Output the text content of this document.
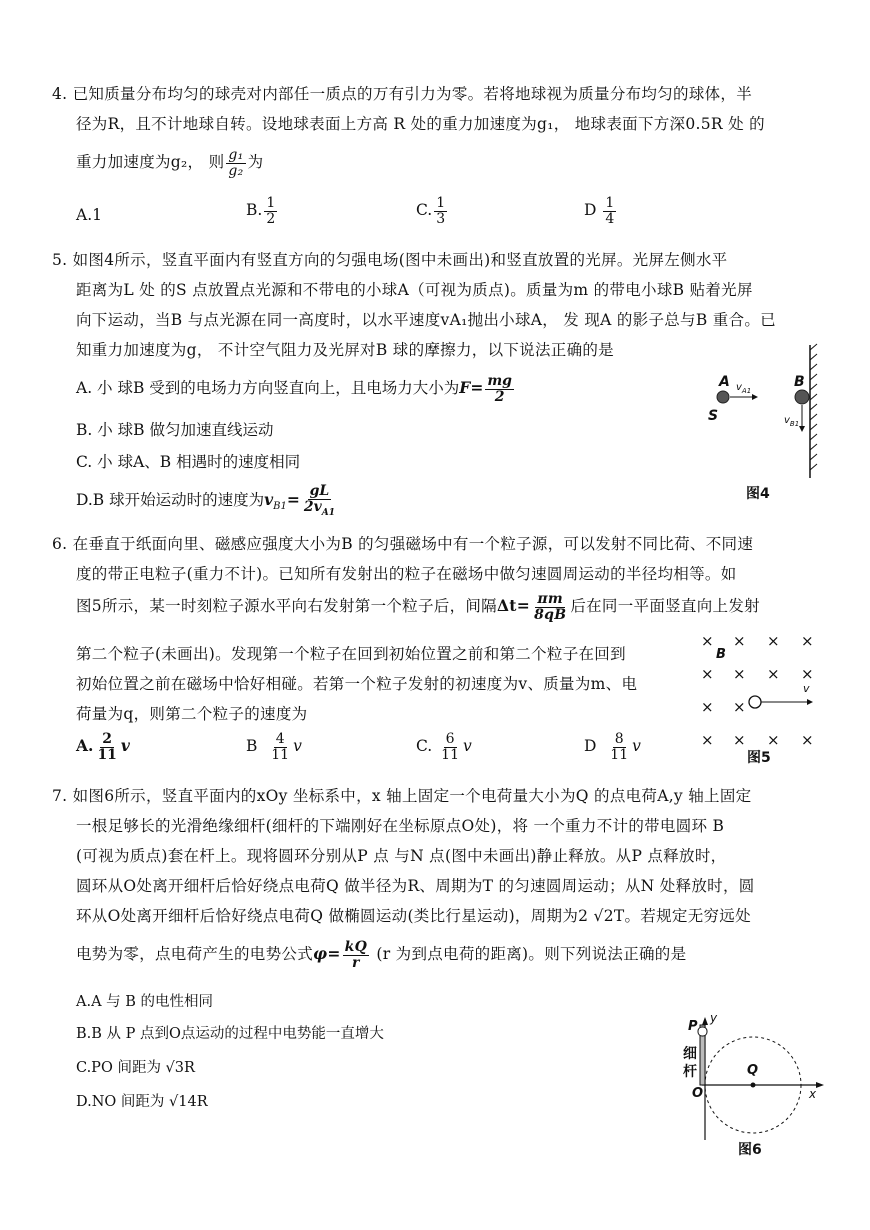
4. 已知质量分布均匀的球壳对内部任一质点的万有引力为零。若将地球视为质量分布均匀的球体，半
径为R，且不计地球自转。设地球表面上方高 R 处的重力加速度为g₁， 地球表面下方深0.5R 处 的
重力加速度为g₂， 则 $\frac{\text{g₁}}{\text{g₂}}$ 为
A.1	B. $\frac{1}{2}$	C. $\frac{1}{3}$	D $\frac{1}{4}$
5. 如图4所示，竖直平面内有竖直方向的匀强电场(图中未画出)和竖直放置的光屏。光屏左侧水平
距离为L 处 的S 点放置点光源和不带电的小球A（可视为质点)。质量为m 的带电小球B 贴着光屏
向下运动，当B 与点光源在同一高度时，以水平速度vA₁抛出小球A， 发 现A 的影子总与B 重合。已
知重力加速度为g， 不计空气阻力及光屏对B 球的摩擦力，以下说法正确的是
A. 小 球B 受到的电场力方向竖直向上，且电场力大小为$F= \frac{mg}{2}$
B. 小 球B 做匀加速直线运动
C. 小 球A、B 相遇时的速度相同
D.B 球开始运动时的速度为$v_{B1}= \frac{gL}{2v_{A1}}$
A	B
S
$v_{A1}$
$v_{B1}$
图4
6. 在垂直于纸面向里、磁感应强度大小为B 的匀强磁场中有一个粒子源，可以发射不同比荷、不同速
度的带正电粒子(重力不计)。已知所有发射出的粒子在磁场中做匀速圆周运动的半径均相等。如
图5所示，某一时刻粒子源水平向右发射第一个粒子后，间隔$\Delta t= \frac{\pi m}{8qB}$ 后在同一平面竖直向上发射
第二个粒子(未画出)。发现第一个粒子在回到初始位置之前和第二个粒子在回到
初始位置之前在磁场中恰好相碰。若第一个粒子发射的初速度为v、质量为m、电
荷量为q，则第二个粒子的速度为
A. $\frac{2}{11}$ v	B $\frac{4}{11}$ v	C. $\frac{6}{11}$ v	D $\frac{8}{11}$ v
× × × ×
B
× × × ×
× ×
v
× × × ×
图5
7. 如图6所示，竖直平面内的xOy 坐标系中，x 轴上固定一个电荷量大小为Q 的点电荷A,y 轴上固定
一根足够长的光滑绝缘细杆(细杆的下端刚好在坐标原点O处)，将 一个重力不计的带电圆环 B
(可视为质点)套在杆上。现将圆环分别从P 点 与N 点(图中未画出)静止释放。从P 点释放时，
圆环从O处离开细杆后恰好绕点电荷Q 做半径为R、周期为T 的匀速圆周运动；从N 处释放时，圆
环从O处离开细杆后恰好绕点电荷Q 做椭圆运动(类比行星运动)，周期为2 √2T。若规定无穷远处
电势为零，点电荷产生的电势公式$\varphi= \frac{kQ}{r} (r$ 为到点电荷的距离)。则下列说法正确的是
A.A 与 B 的电性相同
B.B 从 P 点到O点运动的过程中电势能一直增大
C.PO 间距为 √3R
D.NO 间距为 √14R
P
y
细
杆
O
Q
x
图6
